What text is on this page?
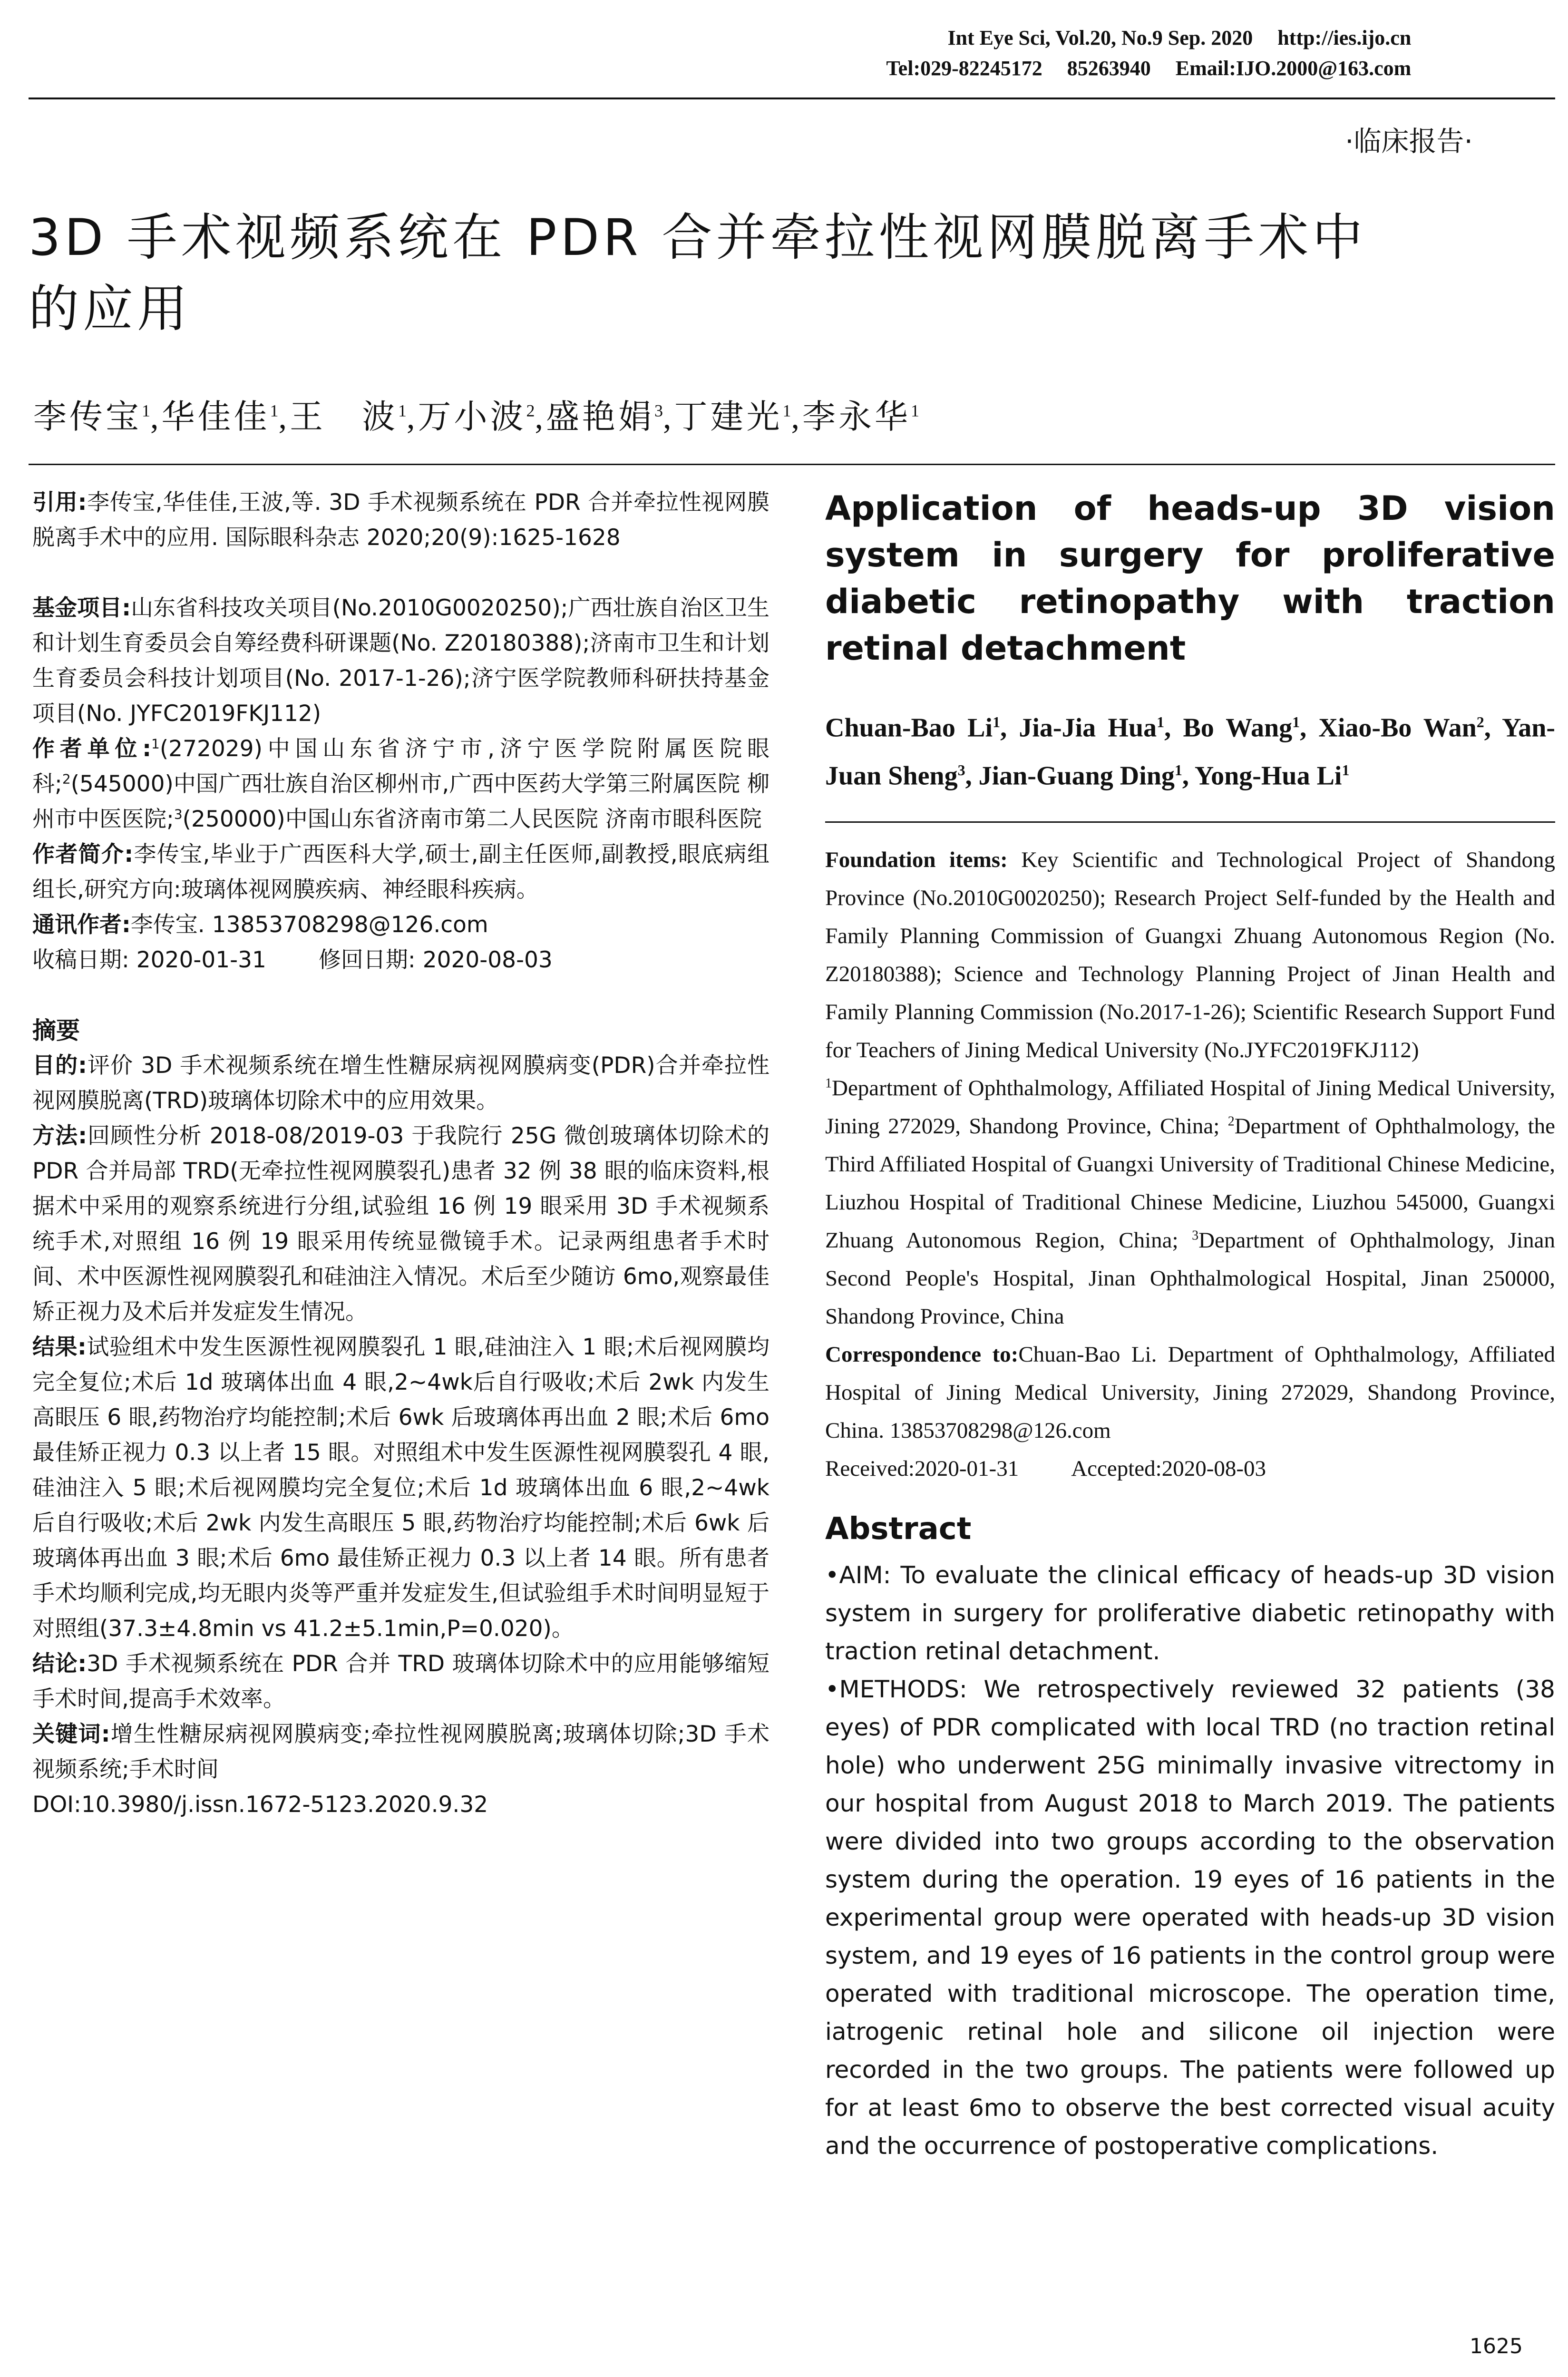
Int Eye Sci, Vol.20, No.9 Sep. 2020 http://ies.ijo.cn
Tel:029-82245172 85263940 Email:IJO.2000@163.com
·临床报告·
3D 手术视频系统在 PDR 合并牵拉性视网膜脱离手术中
的应用
李传宝$^1$,华佳佳$^1$,王　波$^1$,万小波$^2$,盛艳娟$^3$,丁建光$^1$,李永华$^1$

引用:李传宝,华佳佳,王波,等. 3D 手术视频系统在 PDR 合并牵拉性视网膜脱离手术中的应用. 国际眼科杂志 2020;20(9):1625-1628

基金项目:山东省科技攻关项目(No.2010G0020250);广西壮族自治区卫生和计划生育委员会自筹经费科研课题(No. Z20180388);济南市卫生和计划生育委员会科技计划项目(No. 2017-1-26);济宁医学院教师科研扶持基金项目(No. JYFC2019FKJ112)

作者单位:$^1$(272029)中国山东省济宁市,济宁医学院附属医院眼科;$^2$(545000)中国广西壮族自治区柳州市,广西中医药大学第三附属医院 柳州市中医医院;$^3$(250000)中国山东省济南市第二人民医院 济南市眼科医院

作者简介:李传宝,毕业于广西医科大学,硕士,副主任医师,副教授,眼底病组组长,研究方向:玻璃体视网膜疾病、神经眼科疾病。

通讯作者:李传宝. 13853708298@126.com

收稿日期: 2020-01-31 修回日期: 2020-08-03

摘要

目的:评价 3D 手术视频系统在增生性糖尿病视网膜病变(PDR)合并牵拉性视网膜脱离(TRD)玻璃体切除术中的应用效果。

方法:回顾性分析 2018-08/2019-03 于我院行 25G 微创玻璃体切除术的 PDR 合并局部 TRD(无牵拉性视网膜裂孔)患者 32 例 38 眼的临床资料,根据术中采用的观察系统进行分组,试验组 16 例 19 眼采用 3D 手术视频系统手术,对照组 16 例 19 眼采用传统显微镜手术。记录两组患者手术时间、术中医源性视网膜裂孔和硅油注入情况。术后至少随访 6mo,观察最佳矫正视力及术后并发症发生情况。

结果:试验组术中发生医源性视网膜裂孔 1 眼,硅油注入 1 眼;术后视网膜均完全复位;术后 1d 玻璃体出血 4 眼,2~4wk后自行吸收;术后 2wk 内发生高眼压 6 眼,药物治疗均能控制;术后 6wk 后玻璃体再出血 2 眼;术后 6mo 最佳矫正视力 0.3 以上者 15 眼。对照组术中发生医源性视网膜裂孔 4 眼,硅油注入 5 眼;术后视网膜均完全复位;术后 1d 玻璃体出血 6 眼,2~4wk 后自行吸收;术后 2wk 内发生高眼压 5 眼,药物治疗均能控制;术后 6wk 后玻璃体再出血 3 眼;术后 6mo 最佳矫正视力 0.3 以上者 14 眼。所有患者手术均顺利完成,均无眼内炎等严重并发症发生,但试验组手术时间明显短于对照组(37.3±4.8min vs 41.2±5.1min,P=0.020)。

结论:3D 手术视频系统在 PDR 合并 TRD 玻璃体切除术中的应用能够缩短手术时间,提高手术效率。

关键词:增生性糖尿病视网膜病变;牵拉性视网膜脱离;玻璃体切除;3D 手术视频系统;手术时间

DOI:10.3980/j.issn.1672-5123.2020.9.32

Application of heads-up 3D vision system in surgery for proliferative diabetic retinopathy with traction retinal detachment

Chuan-Bao Li$^1$, Jia-Jia Hua$^1$, Bo Wang$^1$, Xiao-Bo Wan$^2$, Yan-Juan Sheng$^3$, Jian-Guang Ding$^1$, Yong-Hua Li$^1$

Foundation items: Key Scientific and Technological Project of Shandong Province (No.2010G0020250); Research Project Self-funded by the Health and Family Planning Commission of Guangxi Zhuang Autonomous Region (No. Z20180388); Science and Technology Planning Project of Jinan Health and Family Planning Commission (No.2017-1-26); Scientific Research Support Fund for Teachers of Jining Medical University (No.JYFC2019FKJ112)

$^1$Department of Ophthalmology, Affiliated Hospital of Jining Medical University, Jining 272029, Shandong Province, China; $^2$Department of Ophthalmology, the Third Affiliated Hospital of Guangxi University of Traditional Chinese Medicine, Liuzhou Hospital of Traditional Chinese Medicine, Liuzhou 545000, Guangxi Zhuang Autonomous Region, China; $^3$Department of Ophthalmology, Jinan Second People's Hospital, Jinan Ophthalmological Hospital, Jinan 250000, Shandong Province, China

Correspondence to:Chuan-Bao Li. Department of Ophthalmology, Affiliated Hospital of Jining Medical University, Jining 272029, Shandong Province, China. 13853708298@126.com

Received:2020-01-31 Accepted:2020-08-03

Abstract

•AIM: To evaluate the clinical efficacy of heads-up 3D vision system in surgery for proliferative diabetic retinopathy with traction retinal detachment.

•METHODS: We retrospectively reviewed 32 patients (38 eyes) of PDR complicated with local TRD (no traction retinal hole) who underwent 25G minimally invasive vitrectomy in our hospital from August 2018 to March 2019. The patients were divided into two groups according to the observation system during the operation. 19 eyes of 16 patients in the experimental group were operated with heads-up 3D vision system, and 19 eyes of 16 patients in the control group were operated with traditional microscope. The operation time, iatrogenic retinal hole and silicone oil injection were recorded in the two groups. The patients were followed up for at least 6mo to observe the best corrected visual acuity and the occurrence of postoperative complications.

1625
